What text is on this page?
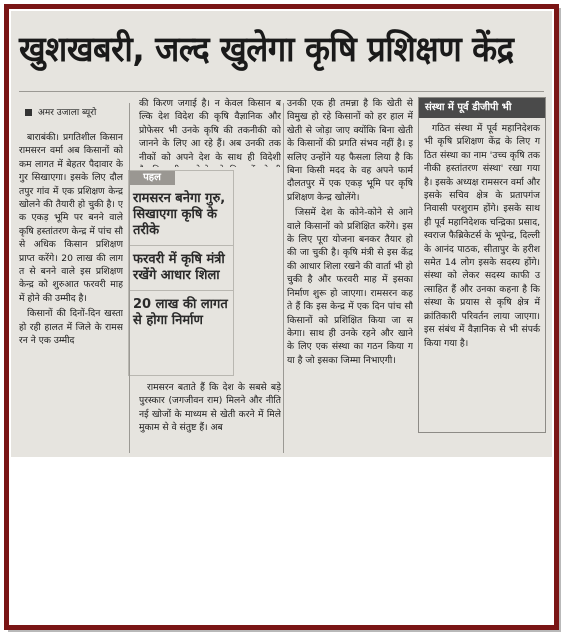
खुशखबरी, जल्द खुलेगा कृषि प्रशिक्षण केंद्र
अमर उजाला ब्यूरो

बाराबंकी। प्रगतिशील किसान रामसरन वर्मा अब किसानों को कम लागत में बेहतर पैदावार के गुर सिखाएगा। इसके लिए दौलतपुर गांव में एक प्रशिक्षण केन्द्र खोलने की तैयारी हो चुकी है। एक एकड़ भूमि पर बनने वाले कृषि हस्तांतरण केन्द्र में पांच सौ से अधिक किसान प्रशिक्षण प्राप्त करेंगे। 20 लाख की लागत से बनने वाले इस प्रशिक्षण केन्द्र को शुरुआत फरवरी माह में होने की उम्मीद है।

किसानों की दिनों-दिन खस्ता हो रही हालत में जिले के रामसरन ने एक उम्मीद

की किरण जगाई है। न केवल किसान बल्कि देश विदेश की कृषि वैज्ञानिक और प्रोफेसर भी उनके कृषि की तकनीकी को जानने के लिए आ रहे हैं। अब उनकी तकनीकों को अपने देश के साथ ही विदेशी

पहल
रामसरन बनेगा गुरु, सिखाएगा कृषि के तरीके
फरवरी में कृषि मंत्री रखेंगे आधार शिला
20 लाख की लागत से होगा निर्माण

रामसरन बताते हैं कि देश के सबसे बड़े पुरस्कार (जगजीवन राम) मिलने और नीति नई खोजों के माध्यम से खेती करने में मिले मुकाम से वे संतुष्ट हैं। अब

उनकी एक ही तमन्ना है कि खेती से विमुख हो रहे किसानों को हर हाल में खेती से जोड़ा जाए क्योंकि बिना खेती के किसानों की प्रगति संभव नहीं है। इसलिए उन्होंने यह फैसला लिया है कि बिना किसी मदद के वह अपने फार्म दौलतपुर में एक एकड़ भूमि पर कृषि प्रशिक्षण केन्द्र खोलेंगे।

जिसमें देश के कोने-कोने से आने वाले किसानों को प्रशिक्षित करेंगे। इसके लिए पूरा योजना बनकर तैयार हो की जा चुकी है। कृषि मंत्री से इस केंद्र की आधार शिला रखने की वार्ता भी हो चुकी है और फरवरी माह में इसका निर्माण शुरू हो जाएगा। रामसरन कहते हैं कि इस केन्द्र में एक दिन पांच सौ किसानों को प्रशिक्षित किया जा सकेगा। साथ ही उनके रहने और खाने के लिए एक संस्था का गठन किया गया है जो इसका जिम्मा निभाएगी।

संस्था में पूर्व डीजीपी भी

गठित संस्था में पूर्व महानिदेशक भी कृषि प्रशिक्षण केंद्र के लिए गठित संस्था का नाम 'उच्च कृषि तकनीकी हस्तांतरण संस्था' रखा गया है। इसके अध्यक्ष रामसरन वर्मा और इसके सचिव क्षेत्र के प्रतापगंज निवासी परशुराम होंगे। इसके साथ ही पूर्व महानिदेशक चन्द्रिका प्रसाद, स्वराज फैब्रिकेटर्स के भूपेन्द्र, दिल्ली के आनंद पाठक, सीतापुर के हरीश समेत 14 लोग इसके सदस्य होंगे। संस्था को लेकर सदस्य काफी उत्साहित हैं और उनका कहना है कि संस्था के प्रयास से कृषि क्षेत्र में क्रांतिकारी परिवर्तन लाया जाएगा। इस संबंध में वैज्ञानिक से भी संपर्क किया गया है।
